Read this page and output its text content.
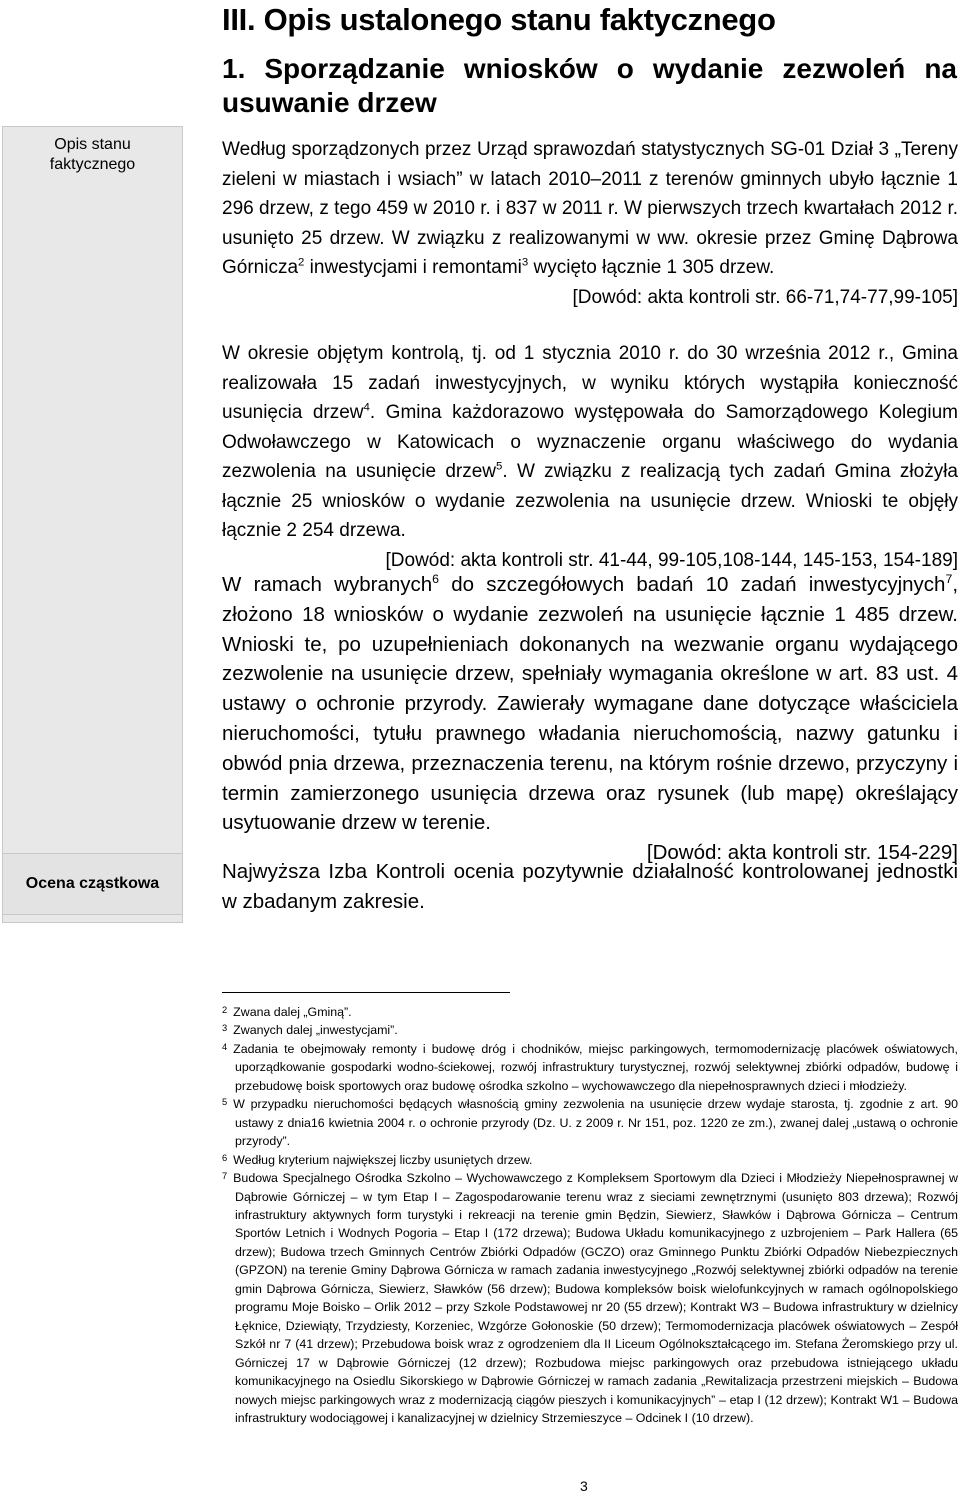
III. Opis ustalonego stanu faktycznego
1. Sporządzanie wniosków o wydanie zezwoleń na usuwanie drzew
Opis stanu
faktycznego
Ocena cząstkowa
Według sporządzonych przez Urząd sprawozdań statystycznych SG-01 Dział 3 „Tereny zieleni w miastach i wsiach” w latach 2010–2011 z terenów gminnych ubyło łącznie 1 296 drzew, z tego 459 w 2010 r. i 837 w 2011 r. W pierwszych trzech kwartałach 2012 r. usunięto 25 drzew. W związku z realizowanymi w ww. okresie przez Gminę Dąbrowa Górnicza$^2$ inwestycjami i remontami$^3$ wycięto łącznie 1 305 drzew.
[Dowód: akta kontroli str. 66-71,74-77,99-105]
W okresie objętym kontrolą, tj. od 1 stycznia 2010 r. do 30 września 2012 r., Gmina realizowała 15 zadań inwestycyjnych, w wyniku których wystąpiła konieczność usunięcia drzew$^4$. Gmina każdorazowo występowała do Samorządowego Kolegium Odwoławczego w Katowicach o wyznaczenie organu właściwego do wydania zezwolenia na usunięcie drzew$^5$. W związku z realizacją tych zadań Gmina złożyła łącznie 25 wniosków o wydanie zezwolenia na usunięcie drzew. Wnioski te objęły łącznie 2 254 drzewa.
[Dowód: akta kontroli str. 41-44, 99-105,108-144, 145-153, 154-189]
W ramach wybranych$^6$ do szczegółowych badań 10 zadań inwestycyjnych$^7$, złożono 18 wniosków o wydanie zezwoleń na usunięcie łącznie 1 485 drzew. Wnioski te, po uzupełnieniach dokonanych na wezwanie organu wydającego zezwolenie na usunięcie drzew, spełniały wymagania określone w art. 83 ust. 4 ustawy o ochronie przyrody. Zawierały wymagane dane dotyczące właściciela nieruchomości, tytułu prawnego władania nieruchomością, nazwy gatunku i obwód pnia drzewa, przeznaczenia terenu, na którym rośnie drzewo, przyczyny i termin zamierzonego usunięcia drzewa oraz rysunek (lub mapę) określający usytuowanie drzew w terenie.
[Dowód: akta kontroli str. 154-229]
Najwyższa Izba Kontroli ocenia pozytywnie działalność kontrolowanej jednostki w zbadanym zakresie.
$^2$ Zwana dalej „Gminą”.
$^3$ Zwanych dalej „inwestycjami”.
$^4$ Zadania te obejmowały remonty i budowę dróg i chodników, miejsc parkingowych, termomodernizację placówek oświatowych, uporządkowanie gospodarki wodno-ściekowej, rozwój infrastruktury turystycznej, rozwój selektywnej zbiórki odpadów, budowę i przebudowę boisk sportowych oraz budowę ośrodka szkolno – wychowawczego dla niepełnosprawnych dzieci i młodzieży.
$^5$ W przypadku nieruchomości będących własnością gminy zezwolenia na usunięcie drzew wydaje starosta, tj. zgodnie z art. 90 ustawy z dnia16 kwietnia 2004 r. o ochronie przyrody (Dz. U. z 2009 r. Nr 151, poz. 1220 ze zm.), zwanej dalej „ustawą o ochronie przyrody”.
$^6$ Według kryterium największej liczby usuniętych drzew.
$^7$ Budowa Specjalnego Ośrodka Szkolno – Wychowawczego z Kompleksem Sportowym dla Dzieci i Młodzieży Niepełnosprawnej w Dąbrowie Górniczej – w tym Etap I – Zagospodarowanie terenu wraz z sieciami zewnętrznymi (usunięto 803 drzewa); Rozwój infrastruktury aktywnych form turystyki i rekreacji na terenie gmin Będzin, Siewierz, Sławków i Dąbrowa Górnicza – Centrum Sportów Letnich i Wodnych Pogoria – Etap I (172 drzewa); Budowa Układu komunikacyjnego z uzbrojeniem – Park Hallera (65 drzew); Budowa trzech Gminnych Centrów Zbiórki Odpadów (GCZO) oraz Gminnego Punktu Zbiórki Odpadów Niebezpiecznych (GPZON) na terenie Gminy Dąbrowa Górnicza w ramach zadania inwestycyjnego „Rozwój selektywnej zbiórki odpadów na terenie gmin Dąbrowa Górnicza, Siewierz, Sławków (56 drzew); Budowa kompleksów boisk wielofunkcyjnych w ramach ogólnopolskiego programu Moje Boisko – Orlik 2012 – przy Szkole Podstawowej nr 20 (55 drzew); Kontrakt W3 – Budowa infrastruktury w dzielnicy Łęknice, Dziewiąty, Trzydziesty, Korzeniec, Wzgórze Gołonoskie (50 drzew); Termomodernizacja placówek oświatowych – Zespół Szkół nr 7 (41 drzew); Przebudowa boisk wraz z ogrodzeniem dla II Liceum Ogólnokształcącego im. Stefana Żeromskiego przy ul. Górniczej 17 w Dąbrowie Górniczej (12 drzew); Rozbudowa miejsc parkingowych oraz przebudowa istniejącego układu komunikacyjnego na Osiedlu Sikorskiego w Dąbrowie Górniczej w ramach zadania „Rewitalizacja przestrzeni miejskich – Budowa nowych miejsc parkingowych wraz z modernizacją ciągów pieszych i komunikacyjnych” – etap I (12 drzew); Kontrakt W1 – Budowa infrastruktury wodociągowej i kanalizacyjnej w dzielnicy Strzemieszyce – Odcinek I (10 drzew).
3
